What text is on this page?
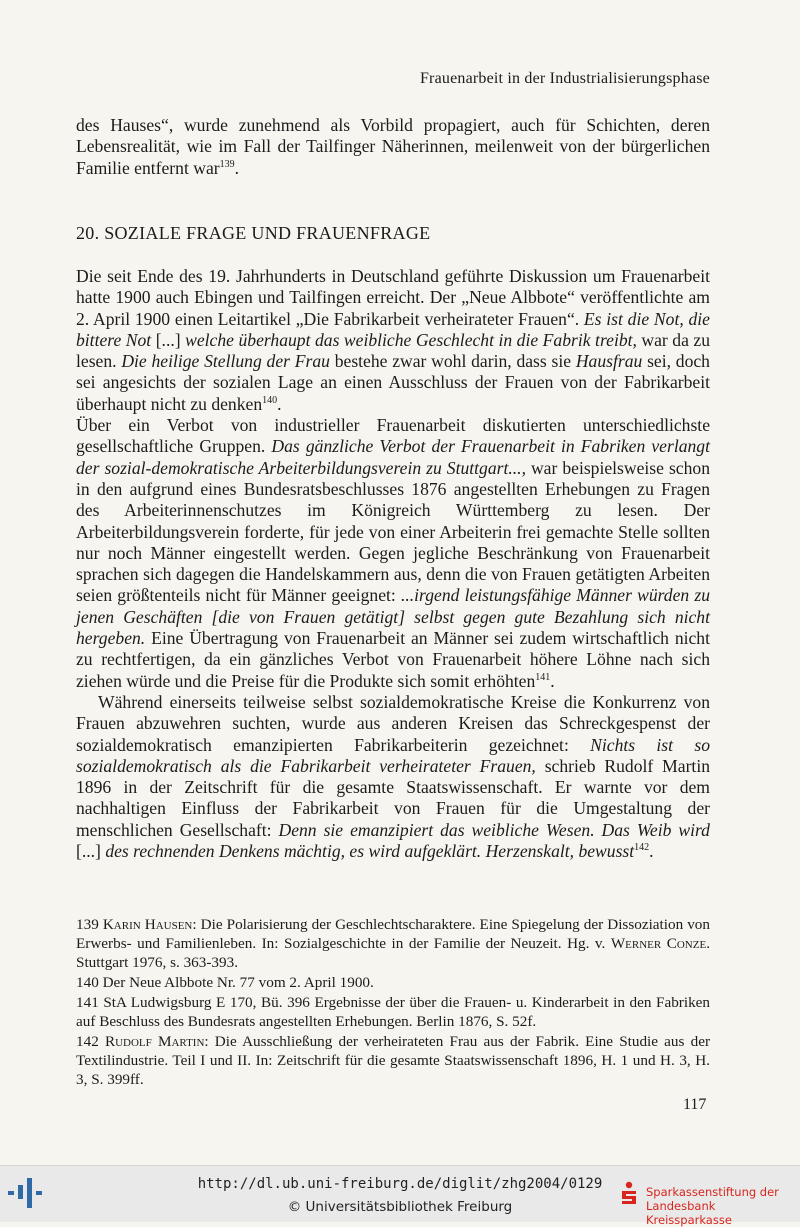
Frauenarbeit in der Industrialisierungsphase

des Hauses“, wurde zunehmend als Vorbild propagiert, auch für Schichten, deren Lebensrealität, wie im Fall der Tailfinger Näherinnen, meilenweit von der bürgerlichen Familie entfernt war$^{139}$.

20. SOZIALE FRAGE UND FRAUENFRAGE

Die seit Ende des 19. Jahrhunderts in Deutschland geführte Diskussion um Frauenarbeit hatte 1900 auch Ebingen und Tailfingen erreicht. Der „Neue Albbote“ veröffentlichte am 2. April 1900 einen Leitartikel „Die Fabrikarbeit verheirateter Frauen“. Es ist die Not, die bittere Not [...] welche überhaupt das weibliche Geschlecht in die Fabrik treibt, war da zu lesen. Die heilige Stellung der Frau bestehe zwar wohl darin, dass sie Hausfrau sei, doch sei angesichts der sozialen Lage an einen Ausschluss der Frauen von der Fabrikarbeit überhaupt nicht zu denken$^{140}$.

Über ein Verbot von industrieller Frauenarbeit diskutierten unterschiedlichste gesellschaftliche Gruppen. Das gänzliche Verbot der Frauenarbeit in Fabriken verlangt der sozial-demokratische Arbeiterbildungsverein zu Stuttgart..., war beispielsweise schon in den aufgrund eines Bundesratsbeschlusses 1876 angestellten Erhebungen zu Fragen des Arbeiterinnenschutzes im Königreich Württemberg zu lesen. Der Arbeiterbildungsverein forderte, für jede von einer Arbeiterin frei gemachte Stelle sollten nur noch Männer eingestellt werden. Gegen jegliche Beschränkung von Frauenarbeit sprachen sich dagegen die Handelskammern aus, denn die von Frauen getätigten Arbeiten seien größtenteils nicht für Männer geeignet: ...irgend leistungsfähige Männer würden zu jenen Geschäften [die von Frauen getätigt] selbst gegen gute Bezahlung sich nicht hergeben. Eine Übertragung von Frauenarbeit an Männer sei zudem wirtschaftlich nicht zu rechtfertigen, da ein gänzliches Verbot von Frauenarbeit höhere Löhne nach sich ziehen würde und die Preise für die Produkte sich somit erhöhten$^{141}$.

Während einerseits teilweise selbst sozialdemokratische Kreise die Konkurrenz von Frauen abzuwehren suchten, wurde aus anderen Kreisen das Schreckgespenst der sozialdemokratisch emanzipierten Fabrikarbeiterin gezeichnet: Nichts ist so sozialdemokratisch als die Fabrikarbeit verheirateter Frauen, schrieb Rudolf Martin 1896 in der Zeitschrift für die gesamte Staatswissenschaft. Er warnte vor dem nachhaltigen Einfluss der Fabrikarbeit von Frauen für die Umgestaltung der menschlichen Gesellschaft: Denn sie emanzipiert das weibliche Wesen. Das Weib wird [...] des rechnenden Denkens mächtig, es wird aufgeklärt. Herzenskalt, bewusst$^{142}$.

139 Karin Hausen: Die Polarisierung der Geschlechtscharaktere. Eine Spiegelung der Dissoziation von Erwerbs- und Familienleben. In: Sozialgeschichte in der Familie der Neuzeit. Hg. v. Werner Conze. Stuttgart 1976, s. 363-393.

140 Der Neue Albbote Nr. 77 vom 2. April 1900.

141 StA Ludwigsburg E 170, Bü. 396 Ergebnisse der über die Frauen- u. Kinderarbeit in den Fabriken auf Beschluss des Bundesrats angestellten Erhebungen. Berlin 1876, S. 52f.

142 Rudolf Martin: Die Ausschließung der verheirateten Frau aus der Fabrik. Eine Studie aus der Textilindustrie. Teil I und II. In: Zeitschrift für die gesamte Staatswissenschaft 1896, H. 1 und H. 3, H. 3, S. 399ff.

117
http://dl.ub.uni-freiburg.de/diglit/zhg2004/0129
© Universitätsbibliothek Freiburg
Sparkassenstiftung der
Landesbank Kreissparkasse
